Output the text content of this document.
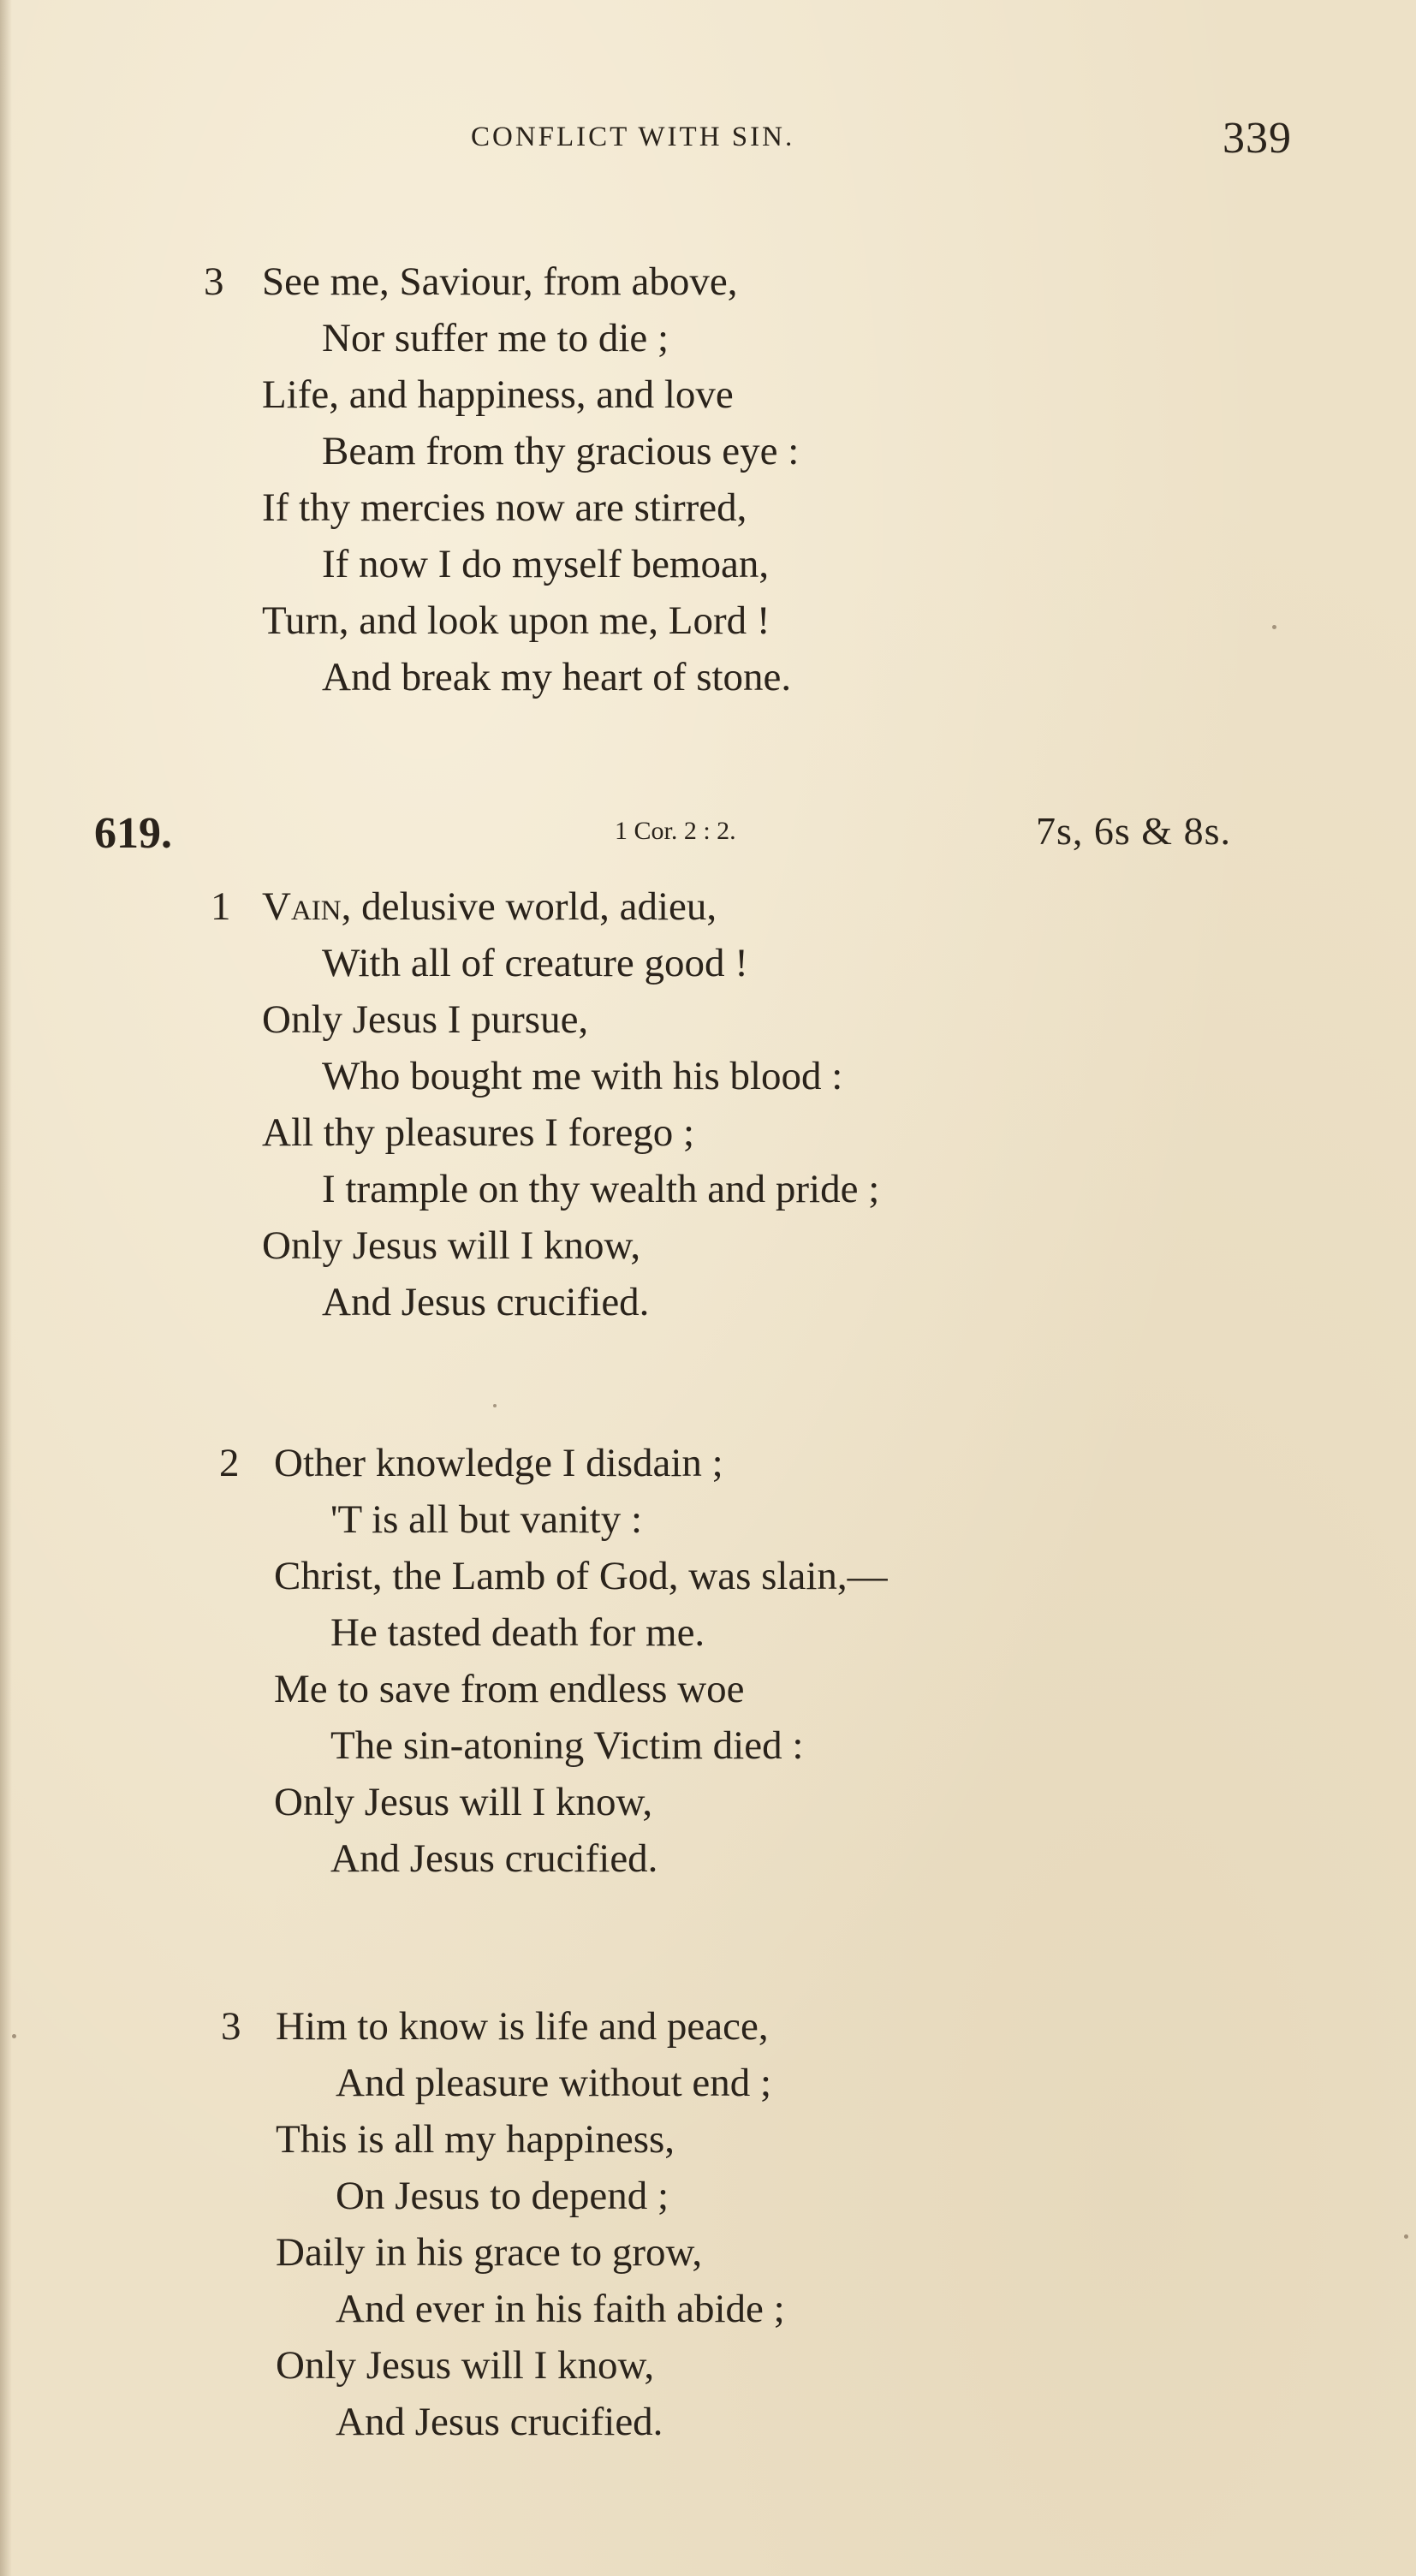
CONFLICT WITH SIN.	339
3 See me, Saviour, from above,
Nor suffer me to die ;
Life, and happiness, and love
Beam from thy gracious eye :
If thy mercies now are stirred,
If now I do myself bemoan,
Turn, and look upon me, Lord !
And break my heart of stone.
619.	1 Cor. 2 : 2.	7s, 6s & 8s.
1 Vain, delusive world, adieu,
With all of creature good !
Only Jesus I pursue,
Who bought me with his blood :
All thy pleasures I forego ;
I trample on thy wealth and pride ;
Only Jesus will I know,
And Jesus crucified.
2 Other knowledge I disdain ;
'T is all but vanity :
Christ, the Lamb of God, was slain,—
He tasted death for me.
Me to save from endless woe
The sin-atoning Victim died :
Only Jesus will I know,
And Jesus crucified.
3 Him to know is life and peace,
And pleasure without end ;
This is all my happiness,
On Jesus to depend ;
Daily in his grace to grow,
And ever in his faith abide ;
Only Jesus will I know,
And Jesus crucified.
